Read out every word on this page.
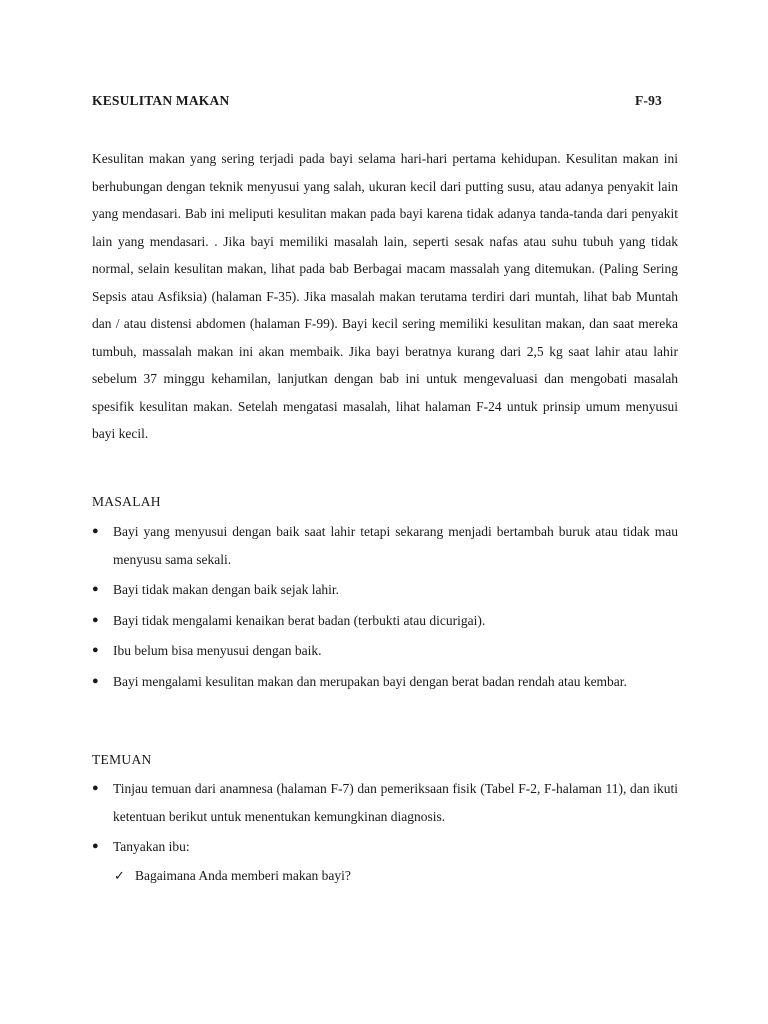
KESULITAN MAKAN	F-93
Kesulitan makan yang sering terjadi pada bayi selama hari-hari pertama kehidupan. Kesulitan makan ini berhubungan dengan teknik menyusui yang salah, ukuran kecil dari putting susu, atau adanya penyakit lain yang mendasari. Bab ini meliputi kesulitan makan pada bayi karena tidak adanya tanda-tanda dari penyakit lain yang mendasari. . Jika bayi memiliki masalah lain, seperti sesak nafas atau suhu tubuh yang tidak normal, selain kesulitan makan, lihat pada bab Berbagai macam massalah yang ditemukan. (Paling Sering Sepsis atau Asfiksia) (halaman F-35). Jika masalah makan terutama terdiri dari muntah, lihat bab Muntah dan / atau distensi abdomen (halaman F-99). Bayi kecil sering memiliki kesulitan makan, dan saat mereka tumbuh, massalah makan ini akan membaik. Jika bayi beratnya kurang dari 2,5 kg saat lahir atau lahir sebelum 37 minggu kehamilan, lanjutkan dengan bab ini untuk mengevaluasi dan mengobati masalah spesifik kesulitan makan. Setelah mengatasi masalah, lihat halaman F-24 untuk prinsip umum menyusui bayi kecil.
MASALAH
● Bayi yang menyusui dengan baik saat lahir tetapi sekarang menjadi bertambah buruk atau tidak mau menyusu sama sekali.
● Bayi tidak makan dengan baik sejak lahir.
● Bayi tidak mengalami kenaikan berat badan (terbukti atau dicurigai).
● Ibu belum bisa menyusui dengan baik.
● Bayi mengalami kesulitan makan dan merupakan bayi dengan berat badan rendah atau kembar.
TEMUAN
● Tinjau temuan dari anamnesa (halaman F-7) dan pemeriksaan fisik (Tabel F-2, F-halaman 11), dan ikuti ketentuan berikut untuk menentukan kemungkinan diagnosis.
● Tanyakan ibu:
✓ Bagaimana Anda memberi makan bayi?
